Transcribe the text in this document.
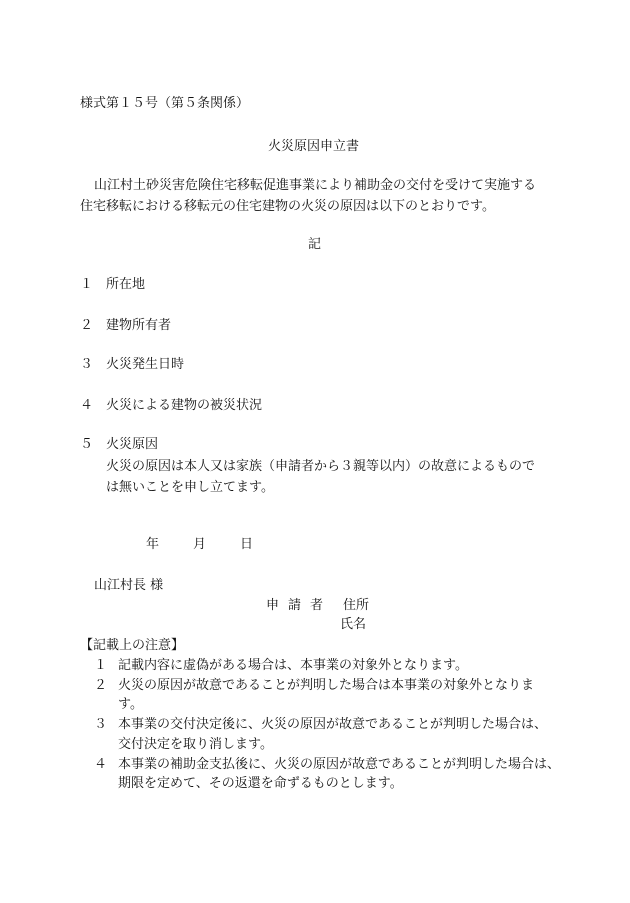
様式第１５号（第５条関係）
火災原因申立書
山江村土砂災害危険住宅移転促進事業により補助金の交付を受けて実施する
住宅移転における移転元の住宅建物の火災の原因は以下のとおりです。
記
１ 所在地
２ 建物所有者
３ 火災発生日時
４ 火災による建物の被災状況
５ 火災原因
火災の原因は本人又は家族（申請者から３親等以内）の故意によるもので
は無いことを申し立てます。
年	月	日
山江村長 様
申請者 住所
氏名
【記載上の注意】
１ 記載内容に虚偽がある場合は、本事業の対象外となります。
２ 火災の原因が故意であることが判明した場合は本事業の対象外となりま
す。
３ 本事業の交付決定後に、火災の原因が故意であることが判明した場合は、
交付決定を取り消します。
４ 本事業の補助金支払後に、火災の原因が故意であることが判明した場合は、
期限を定めて、その返還を命ずるものとします。
